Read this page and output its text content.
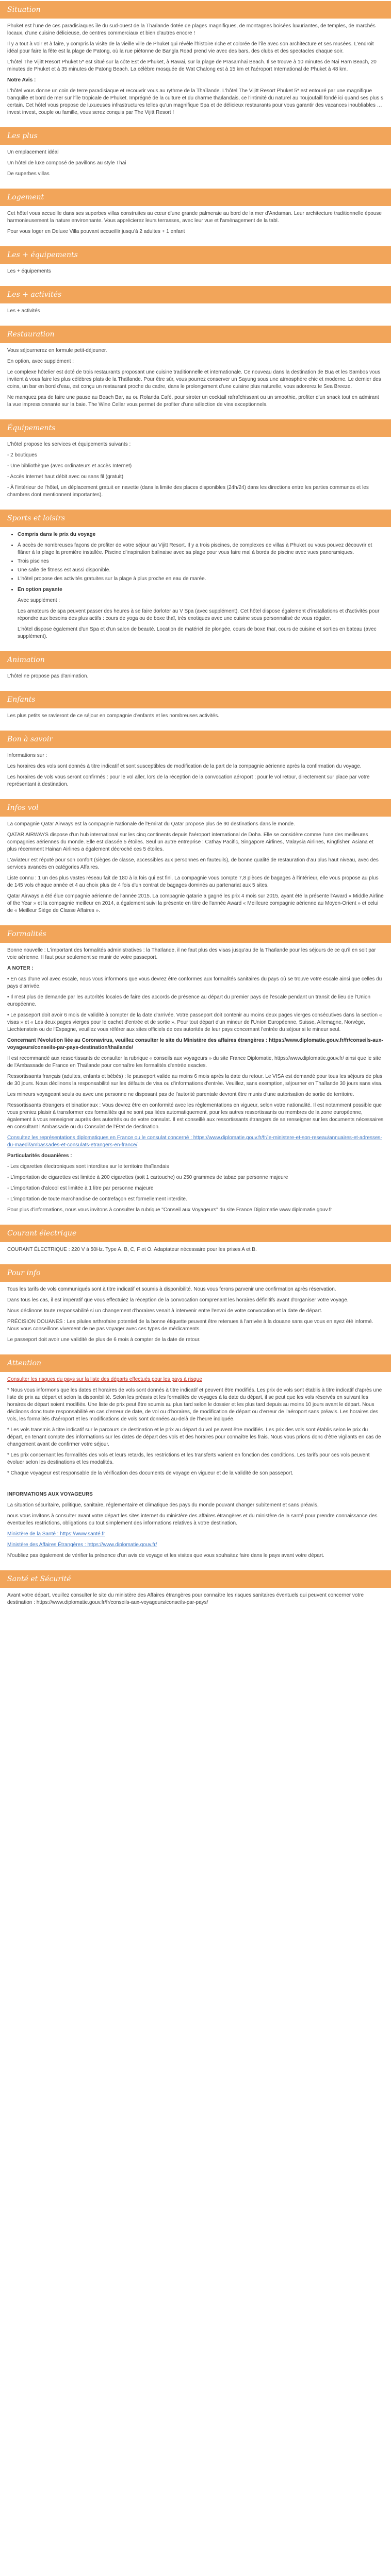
Situation

Phuket est l'une de ces paradisiaques île du sud-ouest de la Thaïlande dotée de plages magnifiques, de montagnes boisées luxuriantes, de temples, de marchés locaux, d'une cuisine délicieuse, de centres commerciaux et bien d'autres encore !

Il y a tout à voir et à faire, y compris la visite de la vieille ville de Phuket qui révèle l'histoire riche et colorée de l'île avec son architecture et ses musées. L'endroit idéal pour faire la fête est la plage de Patong, où la rue piétonne de Bangla Road prend vie avec des bars, des clubs et des spectacles chaque soir.

L'hôtel The Vijitt Resort Phuket 5* est situé sur la côte Est de Phuket, à Rawai, sur la plage de Prasamhai Beach. Il se trouve à 10 minutes de Nai Harn Beach, 20 minutes de Phuket et à 35 minutes de Patong Beach. La célèbre mosquée de Wat Chalong est à 15 km et l'aéroport International de Phuket à 48 km.

Notre Avis :

L'hôtel vous donne un coin de terre paradisiaque et recouvrir vous au rythme de la Thaïlande. L'hôtel The Vijitt Resort Phuket 5* est entouré par une magnifique tranquille et bord de mer sur l'île tropicale de Phuket. Imprégné de la culture et du charme thaïlandais, ce l'intimité du naturel au Toujoufaill fondé ici quand ses plus s certain. Cet hôtel vous propose de luxueuses infrastructures telles qu'un magnifique Spa et de délicieux restaurants pour vous garantir des vacances inoubliables … invest invest, couple ou famille, vous serez conquis par The Vijitt Resort !

Les plus

Un emplacement idéal

Un hôtel de luxe composé de pavillons au style Thai

De superbes villas

Logement

Cet hôtel vous accueille dans ses superbes villas construites au cœur d'une grande palmeraie au bord de la mer d'Andaman. Leur architecture traditionnelle épouse harmonieusement la nature environnante. Vous apprécierez leurs terrasses, avec leur vue et l'aménagement de la tabl.

Pour vous loger en Deluxe Villa pouvant accueillir jusqu'à 2 adultes + 1 enfant

Les + équipements

Les + équipements

Les + activités

Les + activités

Restauration

Vous séjournerez en formule petit-déjeuner.

En option, avec supplément :

Le complexe hôtelier est doté de trois restaurants proposant une cuisine traditionnelle et internationale. Ce nouveau dans la destination de Bua et les Sambos vous invitent à vous faire les plus célèbres plats de la Thaïlande. Pour être sûr, vous pourrez conserver un Sayung sous une atmosphère chic et moderne. Le dernier des coins, un bar en bord d'eau, est conçu un restaurant proche du cadre, dans le prolongement d'une cuisine plus naturelle, vous adorerez le Sea Breeze.

Ne manquez pas de faire une pause au Beach Bar, au ou Rolanda Café, pour siroter un cocktail rafraîchissant ou un smoothie, profiter d'un snack tout en admirant la vue impressionnante sur la baie. The Wine Cellar vous permet de profiter d'une sélection de vins exceptionnels.

Équipements

L'hôtel propose les services et équipements suivants :

- 2 boutiques

- Une bibliothèque (avec ordinateurs et accès Internet)

- Accès Internet haut débit avec ou sans fil (gratuit)

- À l'intérieur de l'hôtel, un déplacement gratuit en navette (dans la limite des places disponibles (24h/24) dans les directions entre les parties communes et les chambres dont mentionnent importantes).

Sports et loisirs
• Compris dans le prix du voyage
• À accès de nombreuses façons de profiter de votre séjour au Vijitt Resort. Il y a trois piscines, de complexes de villas à Phuket ou vous pouvez découvrir et flâner à la plage la première installée. Piscine d'inspiration balinaise avec sa plage pour vous faire mal à bords de piscine avec vues panoramiques.
• Trois piscines
• Une salle de fitness est aussi disponible.
• L'hôtel propose des activités gratuites sur la plage à plus proche en eau de marée.
• En option payante

Avec supplément :

Les amateurs de spa peuvent passer des heures à se faire dorloter au V Spa (avec supplément). Cet hôtel dispose également d'installations et d'activités pour répondre aux besoins des plus actifs : cours de yoga ou de boxe thaï, très exotiques avec une cuisine sous personnalisé de vous régaler.

L'hôtel dispose également d'un Spa et d'un salon de beauté. Location de matériel de plongée, cours de boxe thaï, cours de cuisine et sorties en bateau (avec supplément).

Animation

L'hôtel ne propose pas d'animation.

Enfants

Les plus petits se ravieront de ce séjour en compagnie d'enfants et les nombreuses activités.

Bon à savoir

Informations sur :

Les horaires des vols sont donnés à titre indicatif et sont susceptibles de modification de la part de la compagnie aérienne après la confirmation du voyage.

Les horaires de vols vous seront confirmés : pour le vol aller, lors de la réception de la convocation aéroport ; pour le vol retour, directement sur place par votre représentant à destination.

Infos vol

La compagnie Qatar Airways est la compagnie Nationale de l'Emirat du Qatar propose plus de 90 destinations dans le monde.

QATAR AIRWAYS dispose d'un hub international sur les cinq continents depuis l'aéroport international de Doha. Elle se considère comme l'une des meilleures compagnies aériennes du monde. Elle est classée 5 étoiles. Seul un autre entreprise : Cathay Pacific, Singapore Airlines, Malaysia Airlines, Kingfisher, Asiana et plus récemment Hainan Airlines a également décroché ces 5 étoiles.

L'aviateur est réputé pour son confort (sièges de classe, accessibles aux personnes en fauteuils), de bonne qualité de restauration d'au plus haut niveau, avec des services avancés en catégories Affaires.

Liste connu : 1 un des plus vastes réseau fait de 180 à la fois qui est fini. La compagnie vous compte 7,8 pièces de bagages à l'intérieur, elle vous propose au plus de 145 vols chaque année et 4 au choix plus de 4 fois d'un contrat de bagages dominés au partenariat aux 5 sites.

Qatar Airways a été élue compagnie aérienne de l'année 2015. La compagnie qatarie a gagné les prix 4 mois sur 2015, ayant été la présente l'Award « Middle Airline of the Year » et la compagnie meilleur en 2014, a également suivi la présente en titre de l'année Award « Meilleure compagnie aérienne au Moyen-Orient » et celui de « Meilleur Siège de Classe Affaires ».

Formalités

Bonne nouvelle : L'important des formalités administratives : la Thaïlande, il ne faut plus des visas jusqu'au de la Thaïlande pour les séjours de ce qu'il en soit par voie aérienne. Il faut pour seulement se munir de votre passeport.

A NOTER :

• En cas d'une vol avec escale, nous vous informons que vous devrez être conformes aux formalités sanitaires du pays où se trouve votre escale ainsi que celles du pays d'arrivée.

• Il n'est plus de demande par les autorités locales de faire des accords de présence au départ du premier pays de l'escale pendant un transit de lieu de l'Union européenne.

• Le passeport doit avoir 6 mois de validité à compter de la date d'arrivée. Votre passeport doit contenir au moins deux pages vierges consécutives dans la section « visas » et « Les deux pages vierges pour le cachet d'entrée et de sortie ». Pour tout départ d'un mineur de l'Union Européenne, Suisse, Allemagne, Norvège, Liechtenstein ou de l'Espagne, veuillez vous référer aux sites officiels de ces autorités de leur pays concernant l'entrée du séjour si le mineur seul.

Concernant l'évolution liée au Coronavirus, veuillez consulter le site du Ministère des affaires étrangères : https://www.diplomatie.gouv.fr/fr/conseils-aux-voyageurs/conseils-par-pays-destination/thailande/

Il est recommandé aux ressortissants de consulter la rubrique « conseils aux voyageurs » du site France Diplomatie, https://www.diplomatie.gouv.fr/ ainsi que le site de l'Ambassade de France en Thaïlande pour connaître les formalités d'entrée exactes.

Ressortissants français (adultes, enfants et bébés) : le passeport valide au moins 6 mois après la date du retour. Le VISA est demandé pour tous les séjours de plus de 30 jours. Nous déclinons la responsabilité sur les défauts de visa ou d'informations d'entrée. Veuillez, sans exemption, séjourner en Thaïlande 30 jours sans visa.

Les mineurs voyageant seuls ou avec une personne ne disposant pas de l'autorité parentale devront être munis d'une autorisation de sortie de territoire.

Ressortissants étrangers et binationaux : Vous devrez être en conformité avec les règlementations en vigueur, selon votre nationalité. Il est notamment possible que vous preniez plaisir à transformer ces formalités qui ne sont pas liées automatiquement, pour les autres ressortissants ou membres de la zone européenne, également à vous renseigner auprès des autorités ou de votre consulat. Il est conseillé aux ressortissants étrangers de se renseigner sur les documents nécessaires en consultant l'Ambassade ou du Consulat de l'État de destination.

Consultez les représentations diplomatiques en France ou le consulat concerné : https://www.diplomatie.gouv.fr/fr/le-ministere-et-son-reseau/annuaires-et-adresses-du-maedi/ambassades-et-consulats-etrangers-en-france/

Particularités douanières :

- Les cigarettes électroniques sont interdites sur le territoire thaïlandais

- L'importation de cigarettes est limitée à 200 cigarettes (soit 1 cartouche) ou 250 grammes de tabac par personne majeure

- L'importation d'alcool est limitée à 1 litre par personne majeure

- L'importation de toute marchandise de contrefaçon est formellement interdite.

Pour plus d'informations, nous vous invitons à consulter la rubrique "Conseil aux Voyageurs" du site France Diplomatie www.diplomatie.gouv.fr

Courant électrique

COURANT ÉLECTRIQUE : 220 V à 50Hz. Type A, B, C, F et O. Adaptateur nécessaire pour les prises A et B.

Pour info

Tous les tarifs de vols communiqués sont à titre indicatif et soumis à disponibilité. Nous vous ferons parvenir une confirmation après réservation.

Dans tous les cas, il est impératif que vous effectuiez la réception de la convocation comprenant les horaires définitifs avant d'organiser votre voyage.

Nous déclinons toute responsabilité si un changement d'horaires venait à intervenir entre l'envoi de votre convocation et la date de départ.

PRÉCISION DOUANES : Les pilules arthrofaire potentiel de la bonne étiquette peuvent être retenues à l'arrivée à la douane sans que vous en ayez été informé. Nous vous conseillons vivement de ne pas voyager avec ces types de médicaments.

Le passeport doit avoir une validité de plus de 6 mois à compter de la date de retour.

Attention

Consulter les risques du pays sur la liste des départs effectués pour les pays à risque

* Nous vous informons que les dates et horaires de vols sont donnés à titre indicatif et peuvent être modifiés. Les prix de vols sont établis à titre indicatif d'après une liste de prix au départ et selon la disponibilité. Selon les préavis et les formalités de voyages à la date du départ, il se peut que les vols réservés en suivant les horaires de départ soient modifiés. Une liste de prix peut être soumis au plus tard selon le dossier et les plus tard depuis au moins 10 jours avant le départ. Nous déclinons donc toute responsabilité en cas d'erreur de date, de vol ou d'horaires, de modification de départ ou d'erreur de l'aéroport sans préavis. Les horaires des vols, les formalités d'aéroport et les modifications de vols sont données au-delà de l'heure indiquée.

* Les vols transmis à titre indicatif sur le parcours de destination et le prix au départ du vol peuvent être modifiés. Les prix des vols sont établis selon le prix du départ, en tenant compte des informations sur les dates de départ des vols et des horaires pour connaître les frais. Nous vous prions donc d'être vigilants en cas de changement avant de confirmer votre séjour.

* Les prix concernant les formalités des vols et leurs retards, les restrictions et les transferts varient en fonction des conditions. Les tarifs pour ces vols peuvent évoluer selon les destinations et les modalités.

* Chaque voyageur est responsable de la vérification des documents de voyage en vigueur et de la validité de son passeport.

INFORMATIONS AUX VOYAGEURS

La situation sécuritaire, politique, sanitaire, réglementaire et climatique des pays du monde pouvant changer subitement et sans préavis,

nous vous invitons à consulter avant votre départ les sites internet du ministère des affaires étrangères et du ministère de la santé pour prendre connaissance des éventuelles restrictions, obligations ou tout simplement des informations relatives à votre destination.

Ministère de la Santé : https://www.santé.fr

Ministère des Affaires Étrangères : https://www.diplomatie.gouv.fr/

N'oubliez pas également de vérifier la présence d'un avis de voyage et les visites que vous souhaitez faire dans le pays avant votre départ.

Santé et Sécurité

Avant votre départ, veuillez consulter le site du ministère des Affaires étrangères pour connaître les risques sanitaires éventuels qui peuvent concerner votre destination : https://www.diplomatie.gouv.fr/fr/conseils-aux-voyageurs/conseils-par-pays/
